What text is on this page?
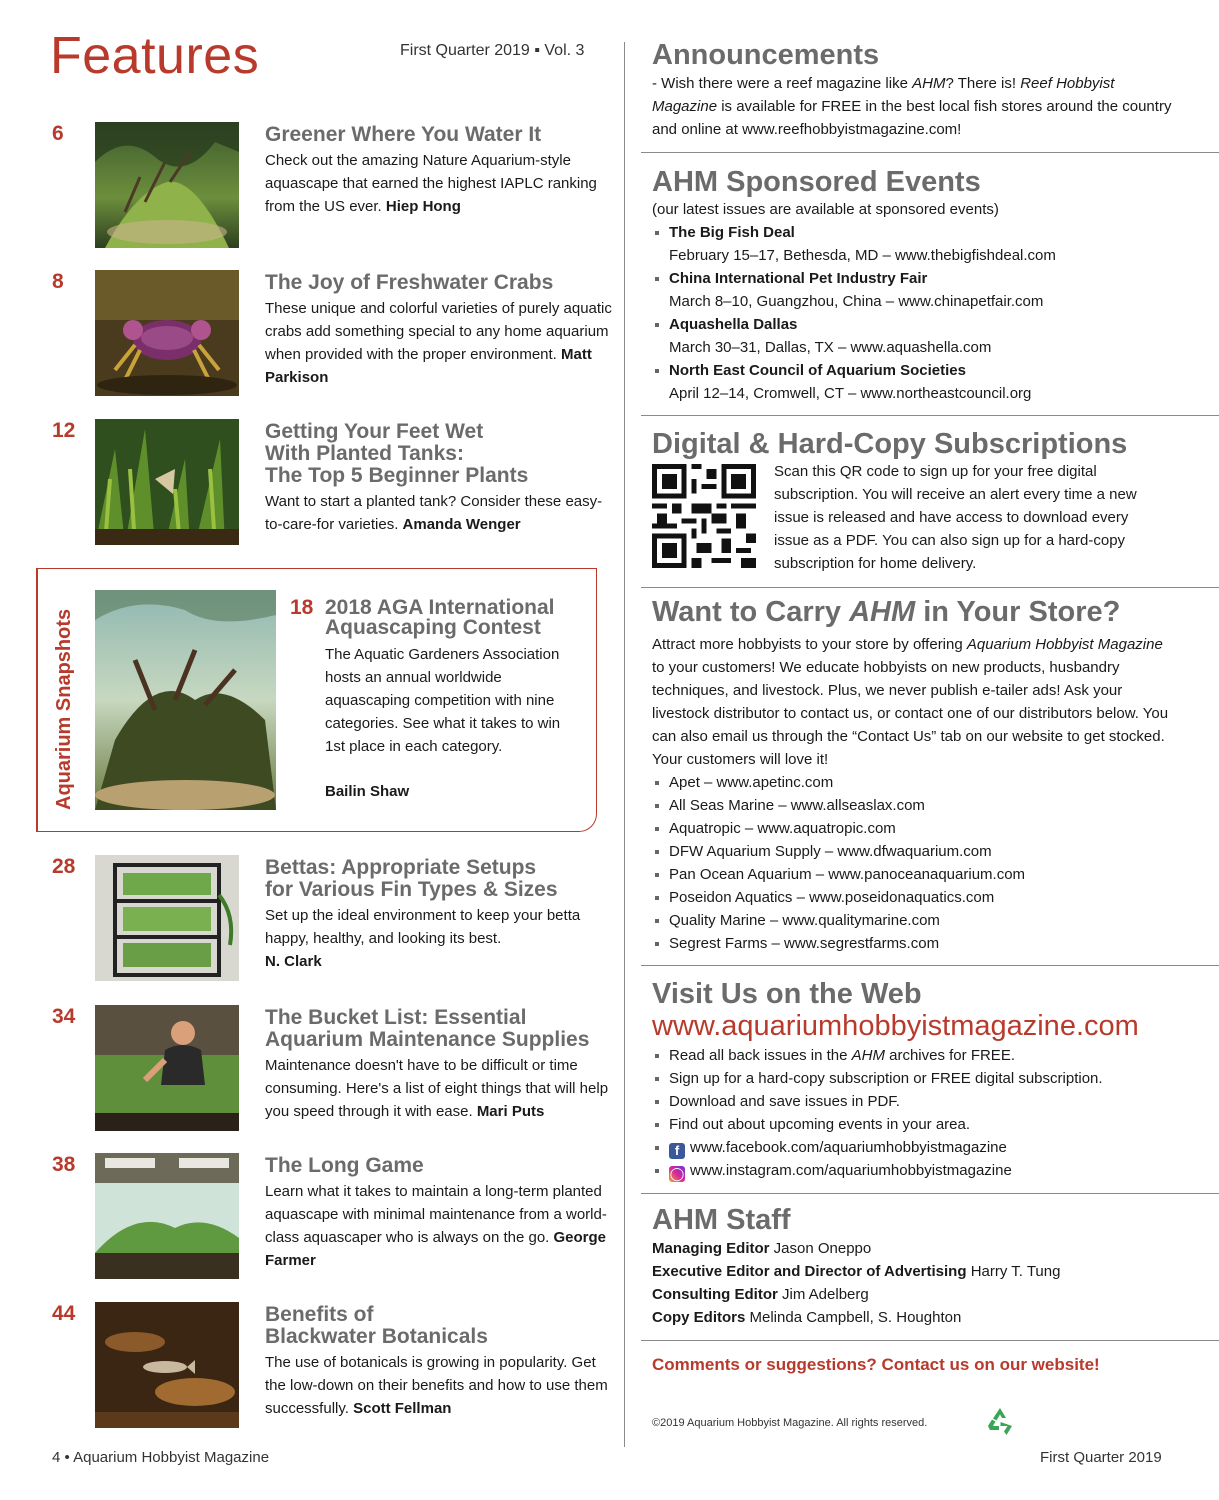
Features	First Quarter 2019 ▪ Vol. 3
6	Greener Where You Water It
Check out the amazing Nature Aquarium-style aquascape that earned the highest IAPLC ranking from the US ever. Hiep Hong
8	The Joy of Freshwater Crabs
These unique and colorful varieties of purely aquatic crabs add something special to any home aquarium when provided with the proper environment. Matt Parkison
12	Getting Your Feet Wet
With Planted Tanks:
The Top 5 Beginner Plants
Want to start a planted tank? Consider these easy-to-care-for varieties. Amanda Wenger
Aquarium Snapshots
18 2018 AGA International
Aquascaping Contest
The Aquatic Gardeners Association hosts an annual worldwide aquascaping competition with nine categories. See what it takes to win 1st place in each category.
Bailin Shaw
28	Bettas: Appropriate Setups
for Various Fin Types & Sizes
Set up the ideal environment to keep your betta happy, healthy, and looking its best.
N. Clark
34	The Bucket List: Essential
Aquarium Maintenance Supplies
Maintenance doesn't have to be difficult or time consuming. Here's a list of eight things that will help you speed through it with ease. Mari Puts
38	The Long Game
Learn what it takes to maintain a long-term planted aquascape with minimal maintenance from a world-class aquascaper who is always on the go. George Farmer
44	Benefits of
Blackwater Botanicals
The use of botanicals is growing in popularity. Get the low-down on their benefits and how to use them successfully. Scott Fellman
4 • Aquarium Hobbyist Magazine	First Quarter 2019
Announcements
- Wish there were a reef magazine like AHM? There is! Reef Hobbyist Magazine is available for FREE in the best local fish stores around the country and online at www.reefhobbyistmagazine.com!
AHM Sponsored Events
(our latest issues are available at sponsored events)
The Big Fish Deal
February 15–17, Bethesda, MD – www.thebigfishdeal.com
China International Pet Industry Fair
March 8–10, Guangzhou, China – www.chinapetfair.com
Aquashella Dallas
March 30–31, Dallas, TX – www.aquashella.com
North East Council of Aquarium Societies
April 12–14, Cromwell, CT – www.northeastcouncil.org
Digital & Hard-Copy Subscriptions
Scan this QR code to sign up for your free digital subscription. You will receive an alert every time a new issue is released and have access to download every issue as a PDF. You can also sign up for a hard-copy subscription for home delivery.
Want to Carry AHM in Your Store?
Attract more hobbyists to your store by offering Aquarium Hobbyist Magazine to your customers! We educate hobbyists on new products, husbandry techniques, and livestock. Plus, we never publish e-tailer ads! Ask your livestock distributor to contact us, or contact one of our distributors below. You can also email us through the “Contact Us” tab on our website to get stocked. Your customers will love it!
Apet – www.apetinc.com
All Seas Marine – www.allseaslax.com
Aquatropic – www.aquatropic.com
DFW Aquarium Supply – www.dfwaquarium.com
Pan Ocean Aquarium – www.panoceanaquarium.com
Poseidon Aquatics – www.poseidonaquatics.com
Quality Marine – www.qualitymarine.com
Segrest Farms – www.segrestfarms.com
Visit Us on the Web
www.aquariumhobbyistmagazine.com
Read all back issues in the AHM archives for FREE.
Sign up for a hard-copy subscription or FREE digital subscription.
Download and save issues in PDF.
Find out about upcoming events in your area.
f www.facebook.com/aquariumhobbyistmagazine
◯ www.instagram.com/aquariumhobbyistmagazine
AHM Staff
Managing Editor Jason Oneppo
Executive Editor and Director of Advertising Harry T. Tung
Consulting Editor Jim Adelberg
Copy Editors Melinda Campbell, S. Houghton
Comments or suggestions? Contact us on our website!
©2019 Aquarium Hobbyist Magazine. All rights reserved.
